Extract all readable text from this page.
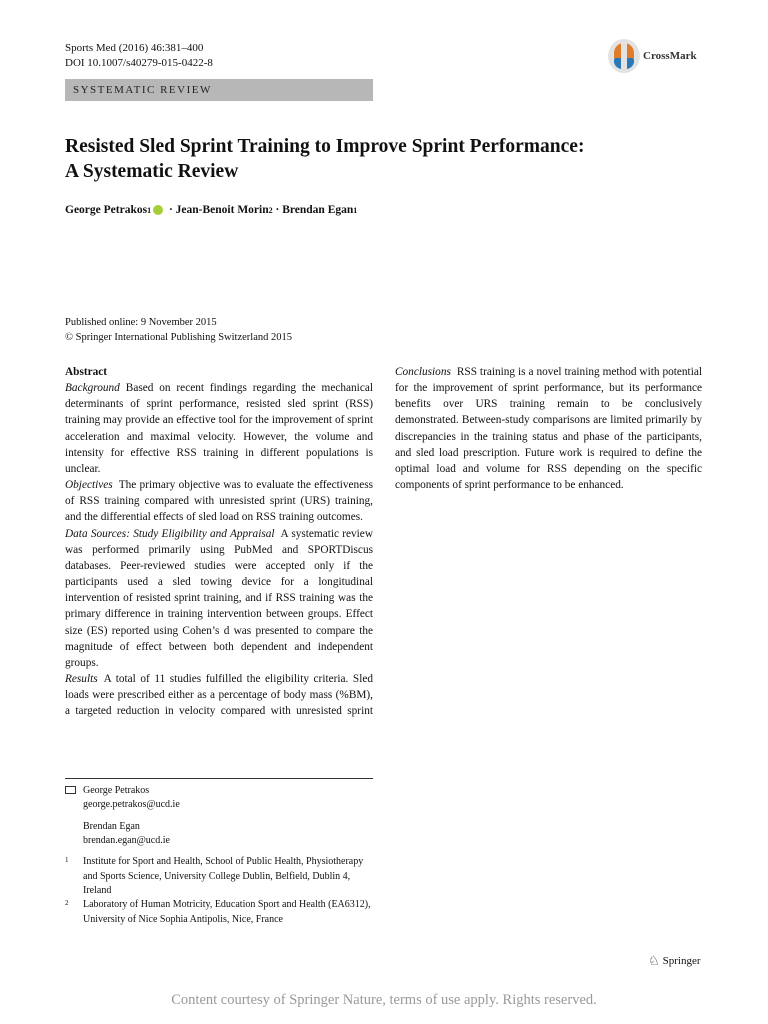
Sports Med (2016) 46:381–400
DOI 10.1007/s40279-015-0422-8
CrossMark
SYSTEMATIC REVIEW
Resisted Sled Sprint Training to Improve Sprint Performance:
A Systematic Review
George Petrakos 1 · Jean-Benoit Morin 2 · Brendan Egan 1
Published online: 9 November 2015
© Springer International Publishing Switzerland 2015

Abstract

Background Based on recent findings regarding the mechanical determinants of sprint performance, resisted sled sprint (RSS) training may provide an effective tool for the improvement of sprint acceleration and maximal velocity. However, the volume and intensity for effective RSS training in different populations is unclear.

Objectives The primary objective was to evaluate the effectiveness of RSS training compared with unresisted sprint (URS) training, and the differential effects of sled load on RSS training outcomes.

Data Sources: Study Eligibility and Appraisal A systematic review was performed primarily using PubMed and SPORTDiscus databases. Peer-reviewed studies were accepted only if the participants used a sled towing device for a longitudinal intervention of resisted sprint training, and if RSS training was the primary difference in training intervention between groups. Effect size (ES) reported using Cohen’s d was presented to compare the magnitude of effect between both dependent and independent groups.

Results A total of 11 studies fulfilled the eligibility criteria. Sled loads were prescribed either as a percentage of body mass (%BM), a targeted reduction in velocity compared with unresisted sprint

Conclusions RSS training is a novel training method with potential for the improvement of sprint performance, but its performance benefits over URS training remain to be conclusively demonstrated. Between-study comparisons are limited primarily by discrepancies in the training status and phase of the participants, and sled load prescription. Future work is required to define the optimal load and volume for RSS depending on the specific components of sprint performance to be enhanced.

George Petrakos
george.petrakos@ucd.ie
Brendan Egan
brendan.egan@ucd.ie
1 Institute for Sport and Health, School of Public Health, Physiotherapy and Sports Science, University College Dublin, Belfield, Dublin 4, Ireland
2 Laboratory of Human Motricity, Education Sport and Health (EA6312), University of Nice Sophia Antipolis, Nice, France
♘ Springer
Content courtesy of Springer Nature, terms of use apply. Rights reserved.
